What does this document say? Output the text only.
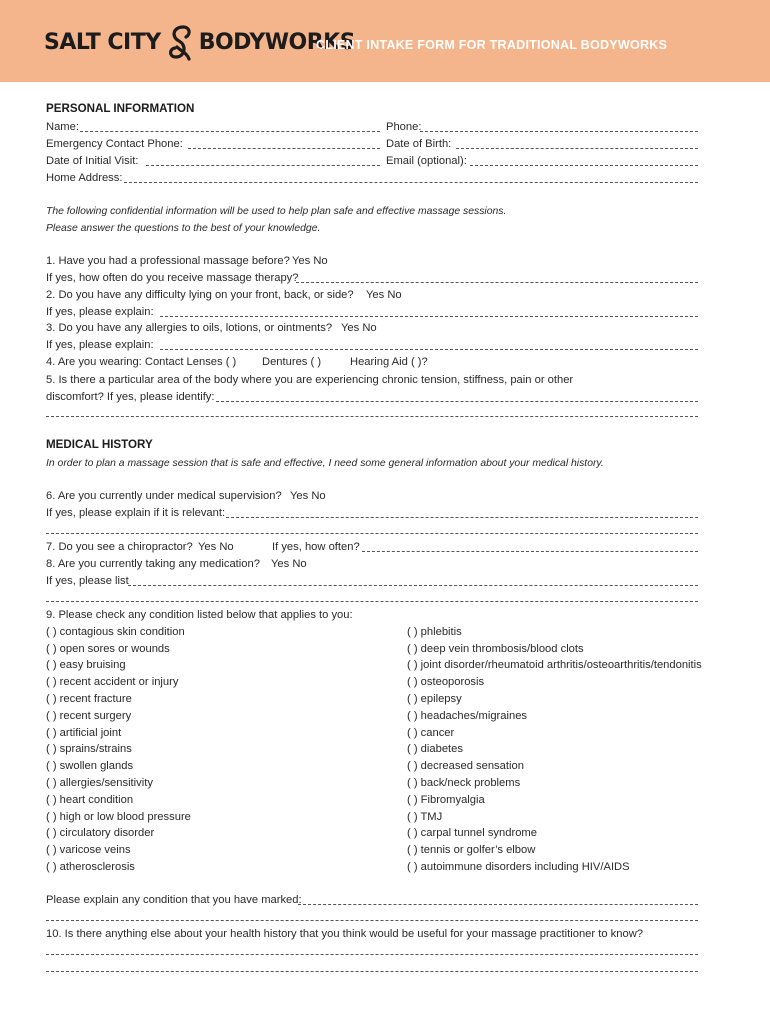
SALT CITY BODYWORKS
CLIENT INTAKE FORM FOR TRADITIONAL BODYWORKS
PERSONAL INFORMATION
Name:	Phone:
Emergency Contact Phone:	Date of Birth:
Date of Initial Visit:	Email (optional):
Home Address:
The following confidential information will be used to help plan safe and effective massage sessions.
Please answer the questions to the best of your knowledge.
1. Have you had a professional massage before? Yes No
If yes, how often do you receive massage therapy?
2. Do you have any difficulty lying on your front, back, or side? Yes No
If yes, please explain:
3. Do you have any allergies to oils, lotions, or ointments? Yes No
If yes, please explain:
4. Are you wearing: Contact Lenses ( ) Dentures ( )	Hearing Aid ( )?
5. Is there a particular area of the body where you are experiencing chronic tension, stiffness, pain or other
discomfort? If yes, please identify:
MEDICAL HISTORY
In order to plan a massage session that is safe and effective, I need some general information about your medical history.
6. Are you currently under medical supervision? Yes No
If yes, please explain if it is relevant:
7. Do you see a chiropractor? Yes No	If yes, how often?
8. Are you currently taking any medication? Yes No
If yes, please list
9. Please check any condition listed below that applies to you:
( ) contagious skin condition
( ) open sores or wounds
( ) easy bruising
( ) recent accident or injury
( ) recent fracture
( ) recent surgery
( ) artificial joint
( ) sprains/strains
( ) swollen glands
( ) allergies/sensitivity
( ) heart condition
( ) high or low blood pressure
( ) circulatory disorder
( ) varicose veins
( ) atherosclerosis
( ) phlebitis
( ) deep vein thrombosis/blood clots
( ) joint disorder/rheumatoid arthritis/osteoarthritis/tendonitis
( ) osteoporosis
( ) epilepsy
( ) headaches/migraines
( ) cancer
( ) diabetes
( ) decreased sensation
( ) back/neck problems
( ) Fibromyalgia
( ) TMJ
( ) carpal tunnel syndrome
( ) tennis or golfer’s elbow
( ) autoimmune disorders including HIV/AIDS
Please explain any condition that you have marked:
10. Is there anything else about your health history that you think would be useful for your massage practitioner to know?
